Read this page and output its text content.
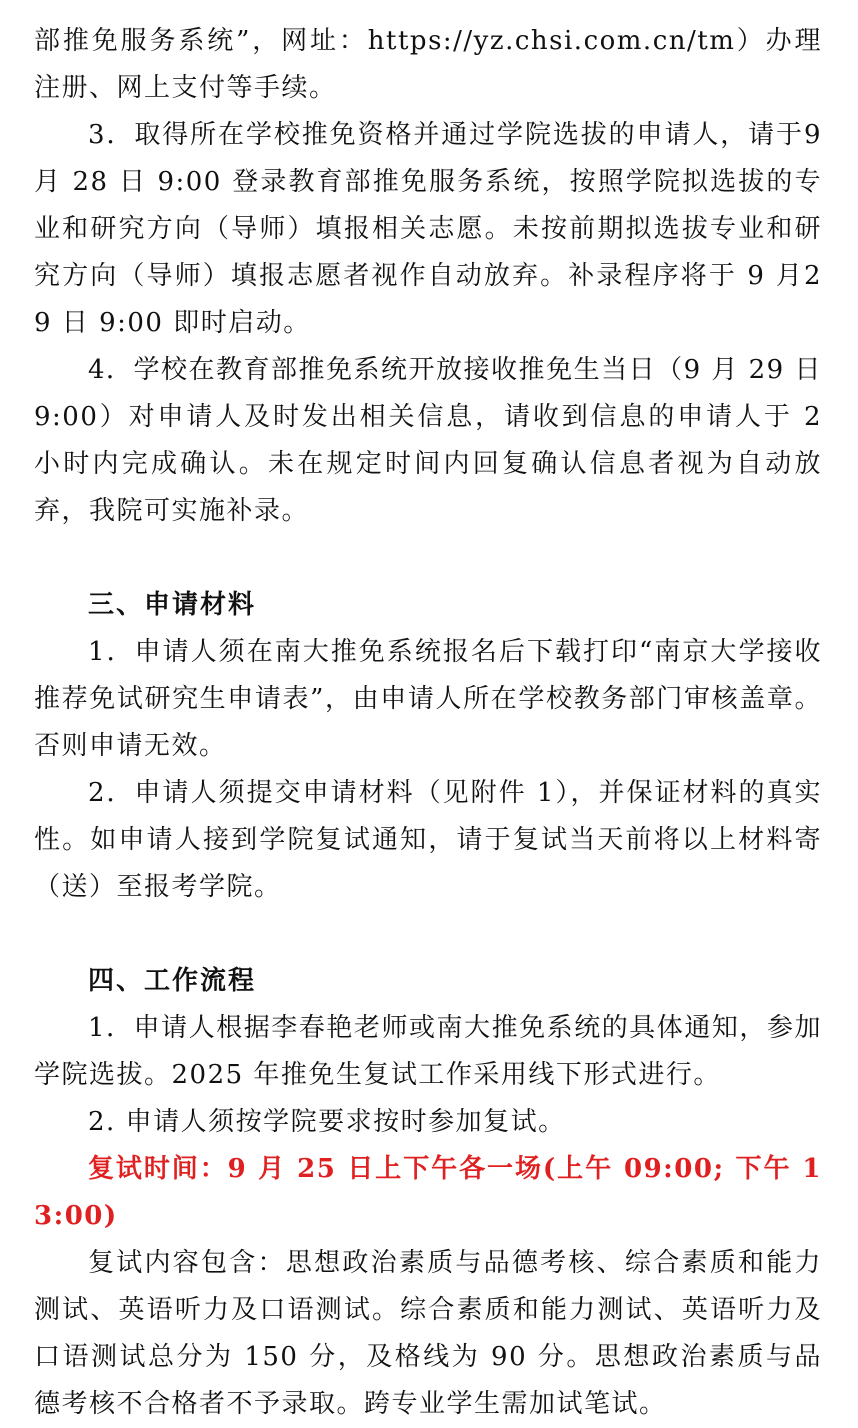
部推免服务系统”，网址：https://yz.chsi.com.cn/tm）办理注册、网上支付等手续。

3．取得所在学校推免资格并通过学院选拔的申请人，请于9 月 28 日 9:00 登录教育部推免服务系统，按照学院拟选拔的专业和研究方向（导师）填报相关志愿。未按前期拟选拔专业和研究方向（导师）填报志愿者视作自动放弃。补录程序将于 9 月29 日 9:00 即时启动。

4．学校在教育部推免系统开放接收推免生当日（9 月 29 日9:00）对申请人及时发出相关信息，请收到信息的申请人于 2 小时内完成确认。未在规定时间内回复确认信息者视为自动放弃，我院可实施补录。

三、申请材料

1．申请人须在南大推免系统报名后下载打印“南京大学接收推荐免试研究生申请表”，由申请人所在学校教务部门审核盖章。否则申请无效。

2．申请人须提交申请材料（见附件 1），并保证材料的真实性。如申请人接到学院复试通知，请于复试当天前将以上材料寄（送）至报考学院。

四、工作流程

1．申请人根据李春艳老师或南大推免系统的具体通知，参加学院选拔。2025 年推免生复试工作采用线下形式进行。

2. 申请人须按学院要求按时参加复试。

复试时间：9 月 25 日上下午各一场(上午 09:00; 下午 13:00)

复试内容包含：思想政治素质与品德考核、综合素质和能力测试、英语听力及口语测试。综合素质和能力测试、英语听力及口语测试总分为 150 分，及格线为 90 分。思想政治素质与品德考核不合格者不予录取。跨专业学生需加试笔试。
